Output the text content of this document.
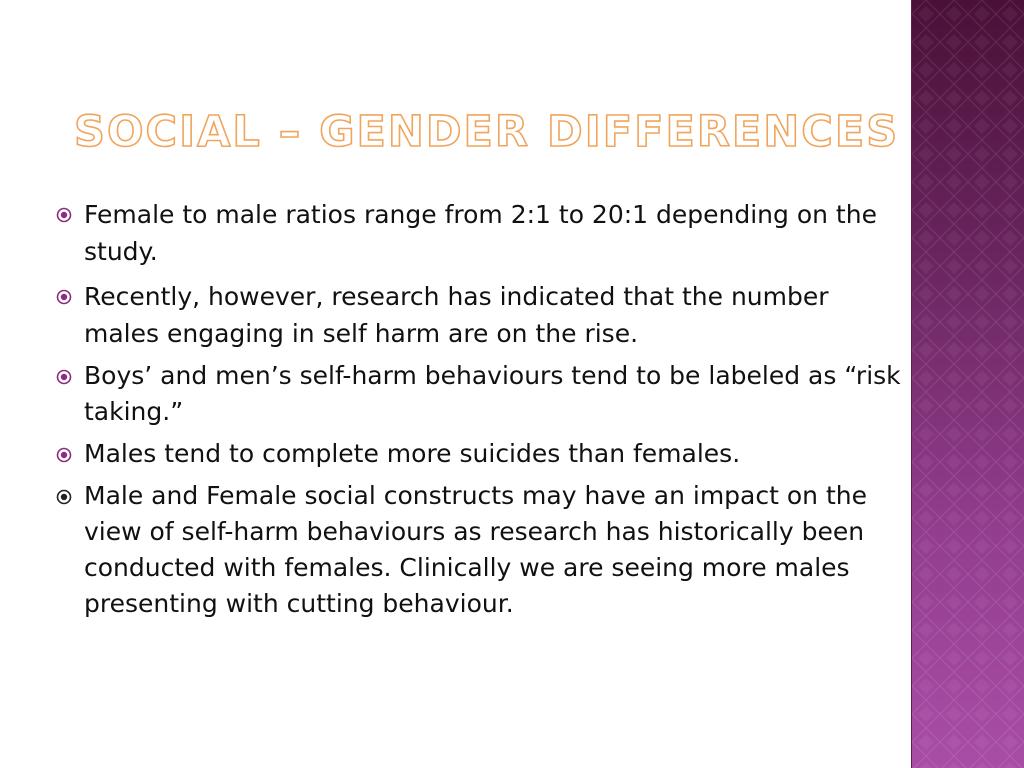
SOCIAL – GENDER DIFFERENCES
Female to male ratios range from 2:1 to 20:1 depending on the study.
Recently, however, research has indicated that the number males engaging in self harm are on the rise.
Boys’ and men’s self-harm behaviours tend to be labeled as “risk taking.”
Males tend to complete more suicides than females.
Male and Female social constructs may have an impact on the view of self-harm behaviours as research has historically been conducted with females. Clinically we are seeing more males presenting with cutting behaviour.
